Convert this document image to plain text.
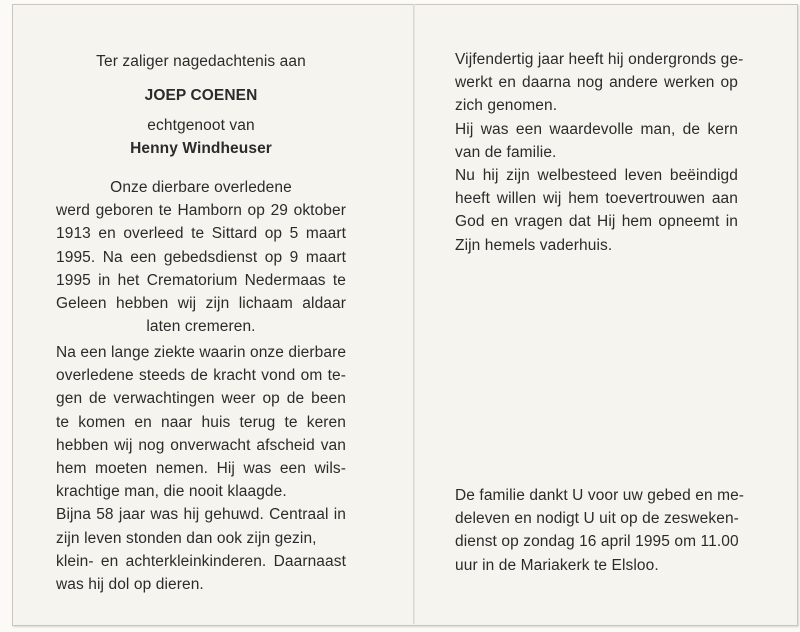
Ter zaliger nagedachtenis aan
JOEP COENEN
echtgenoot van
Henny Windheuser
Onze dierbare overledene
werd geboren te Hamborn op 29 oktober
1913 en overleed te Sittard op 5 maart
1995. Na een gebedsdienst op 9 maart
1995 in het Crematorium Nedermaas te
Geleen hebben wij zijn lichaam aldaar
laten cremeren.
Na een lange ziekte waarin onze dierbare
overledene steeds de kracht vond om te-
gen de verwachtingen weer op de been
te komen en naar huis terug te keren
hebben wij nog onverwacht afscheid van
hem moeten nemen. Hij was een wils-
krachtige man, die nooit klaagde.
Bijna 58 jaar was hij gehuwd. Centraal in
zijn leven stonden dan ook zijn gezin,
klein- en achterkleinkinderen. Daarnaast
was hij dol op dieren.
Vijfendertig jaar heeft hij ondergronds ge-
werkt en daarna nog andere werken op
zich genomen.
Hij was een waardevolle man, de kern
van de familie.
Nu hij zijn welbesteed leven beëindigd
heeft willen wij hem toevertrouwen aan
God en vragen dat Hij hem opneemt in
Zijn hemels vaderhuis.
De familie dankt U voor uw gebed en me-
deleven en nodigt U uit op de zesweken-
dienst op zondag 16 april 1995 om 11.00
uur in de Mariakerk te Elsloo.
